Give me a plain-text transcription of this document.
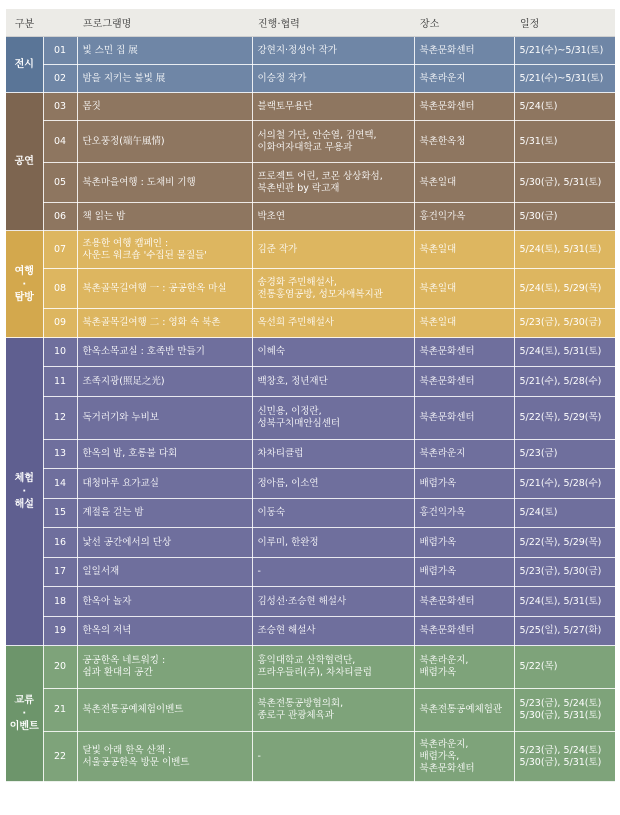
구분		프로그램명	진행·협력	장소	일정

전시	01	빛 스민 집 展	강현지·정성아 작가	북촌문화센터	5/21(수)~5/31(토)

	02	밤을 지키는 불빛 展	이승정 작가	북촌라운지	5/21(수)~5/31(토)

공연	03	몸짓	블랙토무용단	북촌문화센터	5/24(토)

	04	단오풍정(端午風情)	서의철 가단, 안순열, 김연택,
이화여자대학교 무용과	북촌한옥청	5/31(토)

	05	북촌마을여행 : 도채비 기행	프로젝트 어린, 코몬 상상화섬,
북촌빈관 by 락고재	북촌일대	5/30(금), 5/31(토)

	06	책 읽는 밤	박초연	홍건익가옥	5/30(금)

여행
·
탐방	07	조용한 여행 캠페인 :
사운드 워크숍 '수집된 물질들'	김준 작가	북촌일대	5/24(토), 5/31(토)

	08	북촌골목길여행 一 : 공공한옥 마실	송경화 주민해설사,
전통홍염공방, 성모자애복지관	북촌일대	5/24(토), 5/29(목)

	09	북촌골목길여행 二 : 영화 속 북촌	옥선희 주민해설사	북촌일대	5/23(금), 5/30(금)

체험
·
해설	10	한옥소목교실 : 호족반 만들기	이혜숙	북촌문화센터	5/24(토), 5/31(토)

	11	조족지광(照足之光)	백창호, 정년재단	북촌문화센터	5/21(수), 5/28(수)

	12	독거러기와 누비보	신민용, 이정란,
성북구치매안심센터	북촌문화센터	5/22(목), 5/29(목)

	13	한옥의 밤, 호롱불 다회	차차티클럽	북촌라운지	5/23(금)

	14	대청마루 요가교실	정아름, 이소연	배렴가옥	5/21(수), 5/28(수)

	15	계절을 걷는 밤	이동숙	홍건익가옥	5/24(토)

	16	낯선 공간에서의 단상	이루미, 한완정	배렴가옥	5/22(목), 5/29(목)

	17	일일서재	-	배렴가옥	5/23(금), 5/30(금)

	18	한옥아 놀자	김성선·조승현 해설사	북촌문화센터	5/24(토), 5/31(토)

	19	한옥의 저녁	조승현 해설사	북촌문화센터	5/25(일), 5/27(화)

교류
·
이벤트	20	공공한옥 네트워킹 :
쉼과 환대의 공간	홍익대학교 산학협력단,
프라우들리(주), 차차티클럽	북촌라운지,
배렴가옥	5/22(목)

	21	북촌전통공예체험이벤트	북촌전통공방협의회,
종로구 관광체육과	북촌전통공예체험관	5/23(금), 5/24(토)
5/30(금), 5/31(토)

	22	달빛 아래 한옥 산책 :
서울공공한옥 방문 이벤트	-	북촌라운지,
배렴가옥,
북촌문화센터	5/23(금), 5/24(토)
5/30(금), 5/31(토)
